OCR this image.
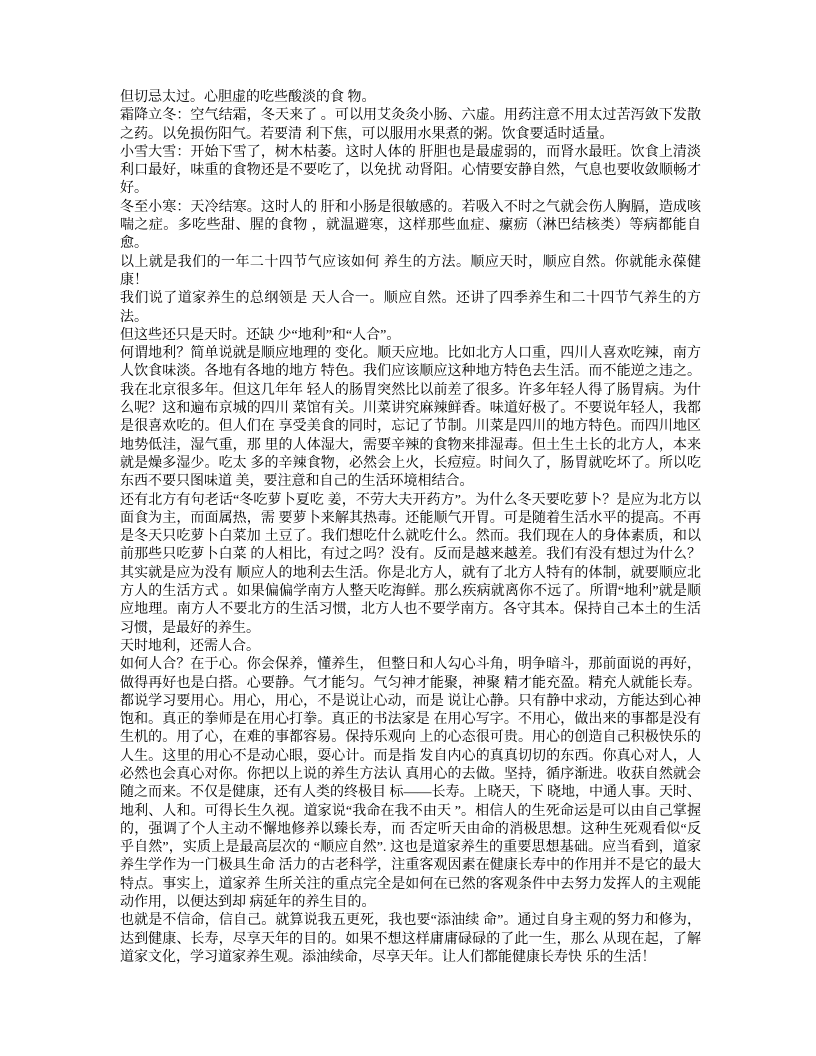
但切忌太过。心胆虚的吃些酸淡的食 物。

霜降立冬：空气结霜，冬天来了 。可以用艾灸灸小肠、六虚。用药注意不用太过苦泻敛下发散之药。以免损伤阳气。若要清 利下焦，可以服用水果煮的粥。饮食要适时适量。

小雪大雪：开始下雪了，树木枯萎。这时人体的 肝胆也是最虚弱的，而肾水最旺。饮食上清淡利口最好，味重的食物还是不要吃了，以免扰 动肾阳。心情要安静自然，气息也要收敛顺畅才好。

冬至小寒：天冷结寒。这时人的 肝和小肠是很敏感的。若吸入不时之气就会伤人胸膈，造成咳喘之症。多吃些甜、腥的食物 ，就温避寒，这样那些血症、瘰疬（淋巴结核类）等病都能自愈。

以上就是我们的一年二十四节气应该如何 养生的方法。顺应天时，顺应自然。你就能永葆健康！

我们说了道家养生的总纲领是 天人合一。顺应自然。还讲了四季养生和二十四节气养生的方法。

但这些还只是天时。还缺 少“地利”和“人合”。

何谓地利？简单说就是顺应地理的 变化。顺天应地。比如北方人口重，四川人喜欢吃辣，南方人饮食味淡。各地有各地的地方 特色。我们应该顺应这种地方特色去生活。而不能逆之违之。我在北京很多年。但这几年年 轻人的肠胃突然比以前差了很多。许多年轻人得了肠胃病。为什么呢？这和遍布京城的四川 菜馆有关。川菜讲究麻辣鲜香。味道好极了。不要说年轻人，我都是很喜欢吃的。但人们在 享受美食的同时，忘记了节制。川菜是四川的地方特色。而四川地区地势低洼，湿气重，那 里的人体湿大，需要辛辣的食物来排湿毒。但土生土长的北方人，本来就是燥多湿少。吃太 多的辛辣食物，必然会上火，长痘痘。时间久了，肠胃就吃坏了。所以吃东西不要只图味道 美，要注意和自己的生活环境相结合。

还有北方有句老话“冬吃萝卜夏吃 姜，不劳大夫开药方”。为什么冬天要吃萝卜？是应为北方以面食为主，而面属热，需 要萝卜来解其热毒。还能顺气开胃。可是随着生活水平的提高。不再是冬天只吃萝卜白菜加 土豆了。我们想吃什么就吃什么。然而。我们现在人的身体素质，和以前那些只吃萝卜白菜 的人相比，有过之吗？没有。反而是越来越差。我们有没有想过为什么？其实就是应为没有 顺应人的地利去生活。你是北方人，就有了北方人特有的体制，就要顺应北方人的生活方式 。如果偏偏学南方人整天吃海鲜。那么疾病就离你不远了。所谓“地利”就是顺 应地理。南方人不要北方的生活习惯，北方人也不要学南方。各守其本。保持自己本土的生活习惯，是最好的养生。

天时地利，还需人合。

如何人合？在于心。你会保养，懂养生， 但整日和人勾心斗角，明争暗斗，那前面说的再好，做得再好也是白搭。心要静。气才能匀。气匀神才能聚，神聚 精才能充盈。精充人就能长寿。都说学习要用心。用心，用心，不是说让心动，而是 说让心静。只有静中求动，方能达到心神饱和。真正的拳师是在用心打拳。真正的书法家是 在用心写字。不用心，做出来的事都是没有生机的。用了心，在难的事都容易。保持乐观向 上的心态很可贵。用心的创造自己积极快乐的人生。这里的用心不是动心眼，耍心计。而是指 发自内心的真真切切的东西。你真心对人，人必然也会真心对你。你把以上说的养生方法认 真用心的去做。坚持，循序渐进。收获自然就会随之而来。不仅是健康，还有人类的终极目 标——长寿。上晓天，下 晓地，中通人事。天时、地利、人和。可得长生久视。道家说“我命在我不由天 ”。相信人的生死命运是可以由自己掌握的，强调了个人主动不懈地修养以臻长寿，而 否定听天由命的消极思想。这种生死观看似“反乎自然”，实质上是最高层次的 “顺应自然”. 这也是道家养生的重要思想基础。应当看到，道家养生学作为一门极具生命 活力的古老科学，注重客观因素在健康长寿中的作用并不是它的最大特点。事实上，道家养 生所关注的重点完全是如何在已然的客观条件中去努力发挥人的主观能动作用，以便达到却 病延年的养生目的。

也就是不信命，信自己。就算说我五更死，我也要“添油续 命”。通过自身主观的努力和修为，达到健康、长寿，尽享天年的目的。如果不想这样庸庸碌碌的了此一生，那么 从现在起，了解道家文化，学习道家养生观。添油续命，尽享天年。让人们都能健康长寿快 乐的生活！
